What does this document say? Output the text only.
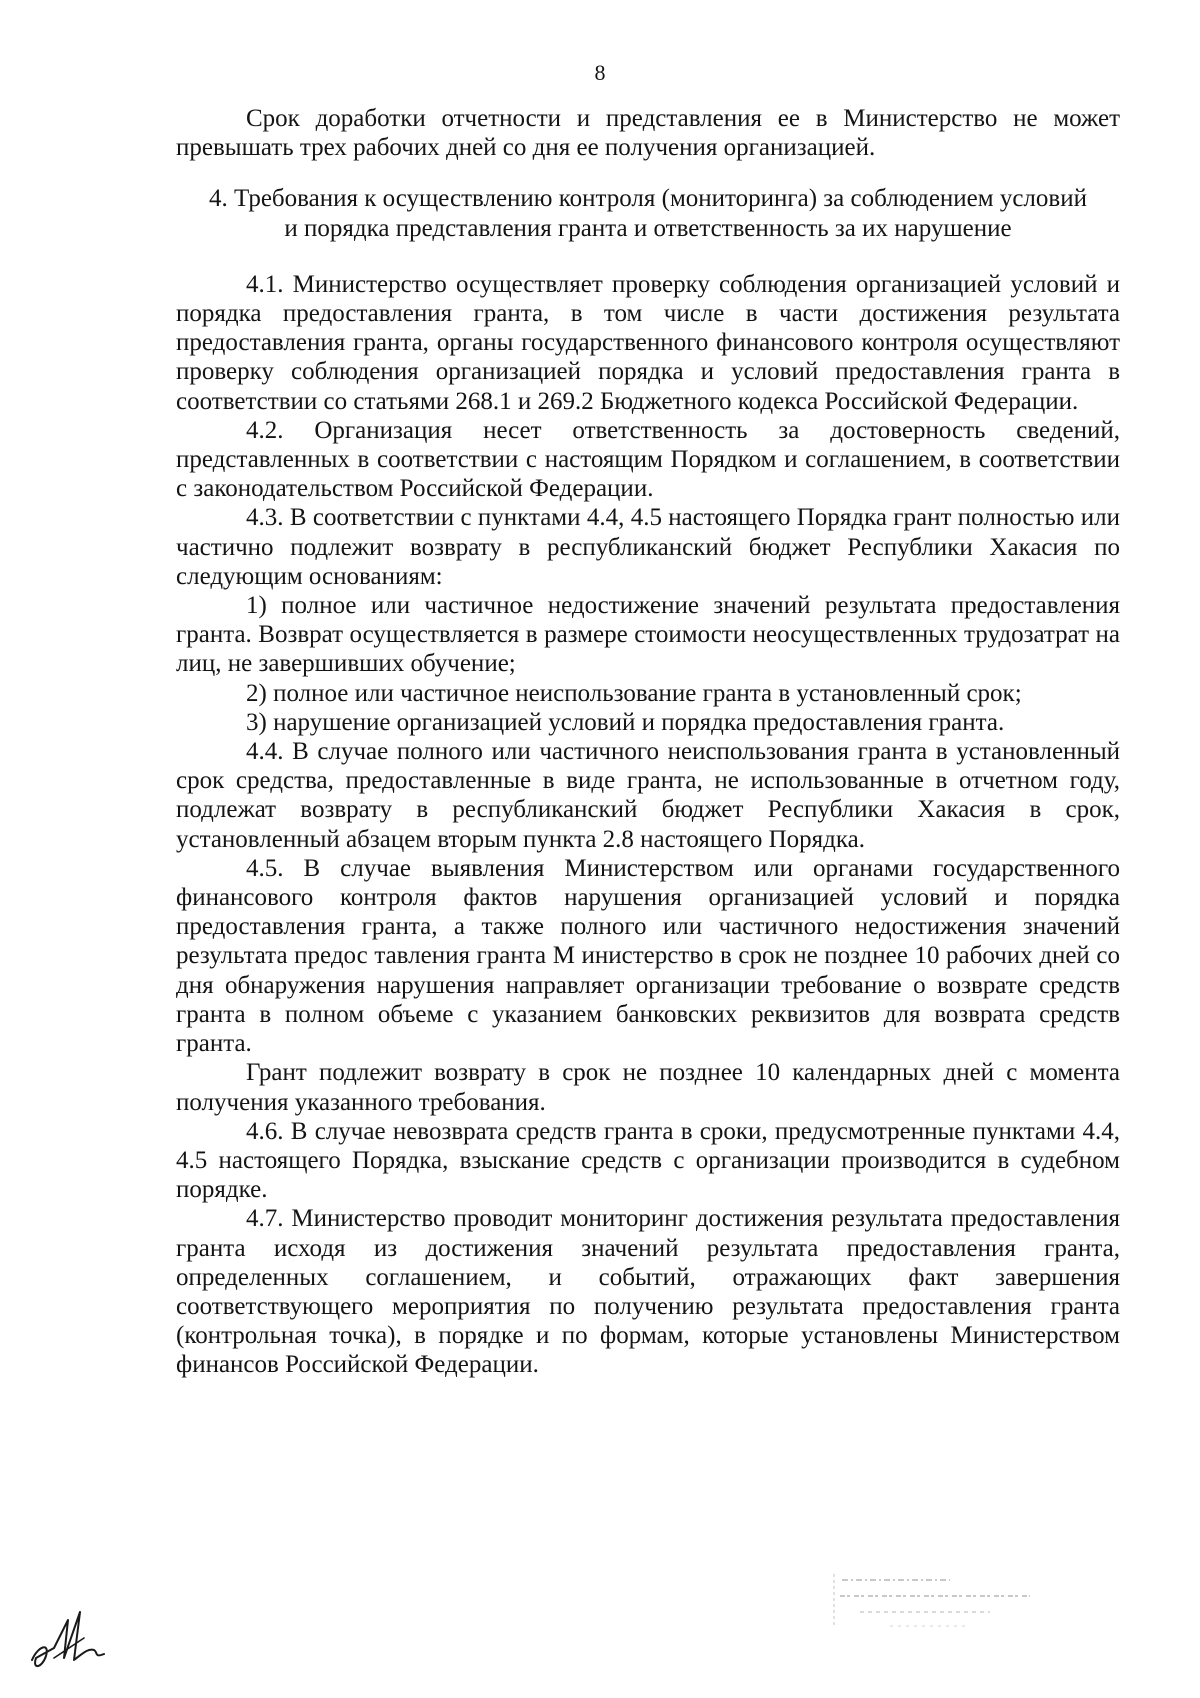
8

Срок доработки отчетности и представления ее в Министерство не может превышать трех рабочих дней со дня ее получения организацией.

4. Требования к осуществлению контроля (мониторинга) за соблюдением условий
и порядка представления гранта и ответственность за их нарушение

4.1. Министерство осуществляет проверку соблюдения организацией условий и порядка предоставления гранта, в том числе в части достижения результата предоставления гранта, органы государственного финансового контроля осуществляют проверку соблюдения организацией порядка и условий предоставления гранта в соответствии со статьями 268.1 и 269.2 Бюджетного кодекса Российской Федерации.

4.2. Организация несет ответственность за достоверность сведений, представленных в соответствии с настоящим Порядком и соглашением, в соответствии с законодательством Российской Федерации.

4.3. В соответствии с пунктами 4.4, 4.5 настоящего Порядка грант полностью или частично подлежит возврату в республиканский бюджет Республики Хакасия по следующим основаниям:

1) полное или частичное недостижение значений результата предоставления гранта. Возврат осуществляется в размере стоимости неосуществленных трудозатрат на лиц, не завершивших обучение;

2) полное или частичное неиспользование гранта в установленный срок;

3) нарушение организацией условий и порядка предоставления гранта.

4.4. В случае полного или частичного неиспользования гранта в установленный срок средства, предоставленные в виде гранта, не использованные в отчетном году, подлежат возврату в республиканский бюджет Республики Хакасия в срок, установленный абзацем вторым пункта 2.8 настоящего Порядка.

4.5. В случае выявления Министерством или органами государственного финансового контроля фактов нарушения организацией условий и порядка предоставления гранта, а также полного или частичного недостижения значений результата предос тавления гранта М инистерство в срок не позднее 10 рабочих дней со дня обнаружения нарушения направляет организации требование о возврате средств гранта в полном объеме с указанием банковских реквизитов для возврата средств гранта.

Грант подлежит возврату в срок не позднее 10 календарных дней с момента получения указанного требования.

4.6. В случае невозврата средств гранта в сроки, предусмотренные пунктами 4.4, 4.5 настоящего Порядка, взыскание средств с организации производится в судебном порядке.

4.7. Министерство проводит мониторинг достижения результата предоставления гранта исходя из достижения значений результата предоставления гранта, определенных соглашением, и событий, отражающих факт завершения соответствующего мероприятия по получению результата предоставления гранта (контрольная точка), в порядке и по формам, которые установлены Министерством финансов Российской Федерации.
